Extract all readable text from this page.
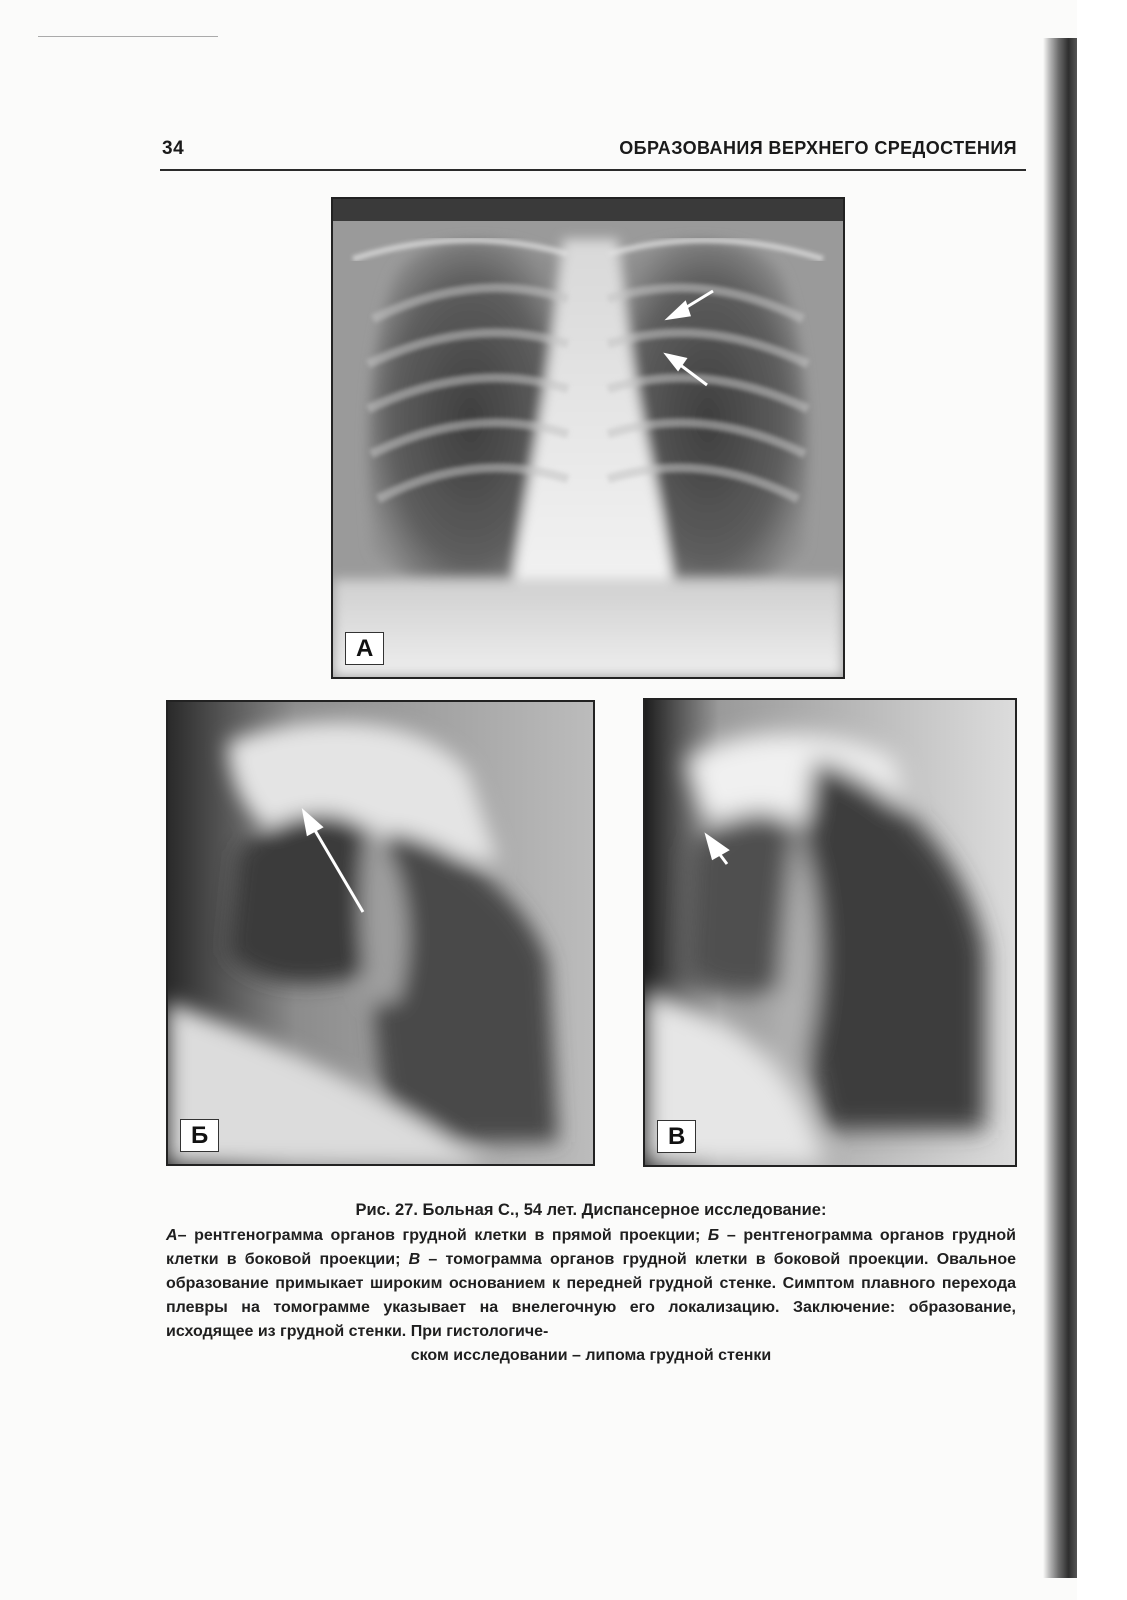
34	ОБРАЗОВАНИЯ ВЕРХНЕГО СРЕДОСТЕНИЯ
А
Б	В
Рис. 27. Больная С., 54 лет. Диспансерное исследование:
А– рентгенограмма органов грудной клетки в прямой проекции; Б – рентгенограмма органов грудной клетки в боковой проекции; В – томограмма органов грудной клетки в боковой проекции. Овальное образование примыкает широким основанием к передней грудной стенке. Симптом плавного перехода плевры на томограмме указывает на внелегочную его локализацию. Заключение: образование, исходящее из грудной стенки. При гистологиче-
ском исследовании – липома грудной стенки
